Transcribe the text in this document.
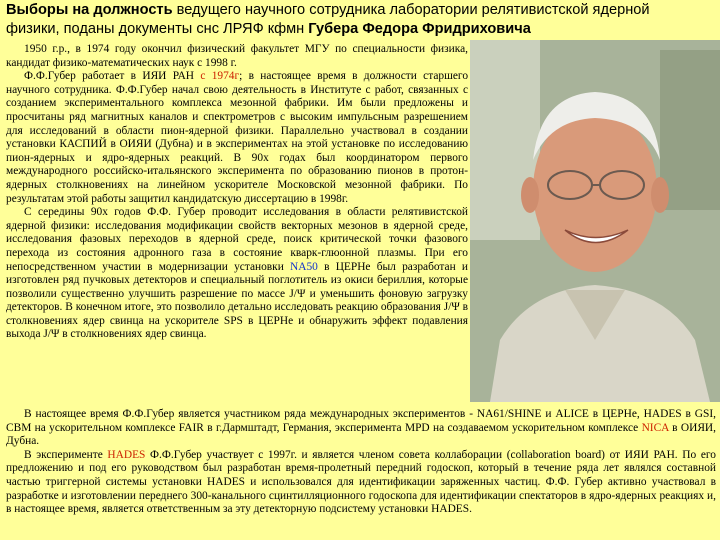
Выборы на должность ведущего научного сотрудника лаборатории релятивистской ядерной
физики, поданы документы снс ЛРЯФ кфмн Губера Федора Фридриховича

1950 г.р., в 1974 году окончил физический факультет МГУ по специальности физика, кандидат физико-математических наук с 1998 г.

Ф.Ф.Губер работает в ИЯИ РАН с 1974г; в настоящее время в должности старшего научного сотрудника. Ф.Ф.Губер начал свою деятельность в Институте с работ, связанных с созданием экспериментального комплекса мезонной фабрики. Им были предложены и просчитаны ряд магнитных каналов и спектрометров с высоким импульсным разрешением для исследований в области пион-ядерной физики. Параллельно участвовал в создании установки КАСПИЙ в ОИЯИ (Дубна) и в экспериментах на этой установке по исследованию пион-ядерных и ядро-ядерных реакций. В 90х годах был координатором первого международного российско-итальянского эксперимента по образованию пионов в протон-ядерных столкновениях на линейном ускорителе Московской мезонной фабрики. По результатам этой работы защитил кандидатскую диссертацию в 1998г.

С середины 90х годов Ф.Ф. Губер проводит исследования в области релятивистской ядерной физики: исследования модификации свойств векторных мезонов в ядерной среде, исследования фазовых переходов в ядерной среде, поиск критической точки фазового перехода из состояния адронного газа в состояние кварк-глюонной плазмы. При его непосредственном участии в модернизации установки NA50 в ЦЕРНе был разработан и изготовлен ряд пучковых детекторов и специальный поглотитель из окиси бериллия, которые позволили существенно улучшить разрешение по массе J/Ψ и уменьшить фоновую загрузку детекторов. В конечном итоге, это позволило детально исследовать реакцию образования J/Ψ в столкновениях ядер свинца на ускорителе SPS в ЦЕРНе и обнаружить эффект подавления выхода J/Ψ в столкновениях ядер свинца.

В настоящее время Ф.Ф.Губер является участником ряда международных экспериментов - NA61/SHINE и ALICE в ЦЕРНе, HADES в GSI, CBM на ускорительном комплексе FAIR в г.Дармштадт, Германия, эксперимента MPD на создаваемом ускорительном комплексе NICA в ОИЯИ, Дубна.

В эксперименте HADES Ф.Ф.Губер участвует с 1997г. и является членом совета коллаборации (collaboration board) от ИЯИ РАН. По его предложению и под его руководством был разработан время-пролетный передний годоскоп, который в течение ряда лет являлся составной частью триггерной системы установки HADES и использовался для идентификации заряженных частиц. Ф.Ф. Губер активно участвовал в разработке и изготовлении переднего 300-канального сцинтилляционного годоскопа для идентификации спектаторов в ядро-ядерных реакциях и, в настоящее время, является ответственным за эту детекторную подсистему установки HADES.
